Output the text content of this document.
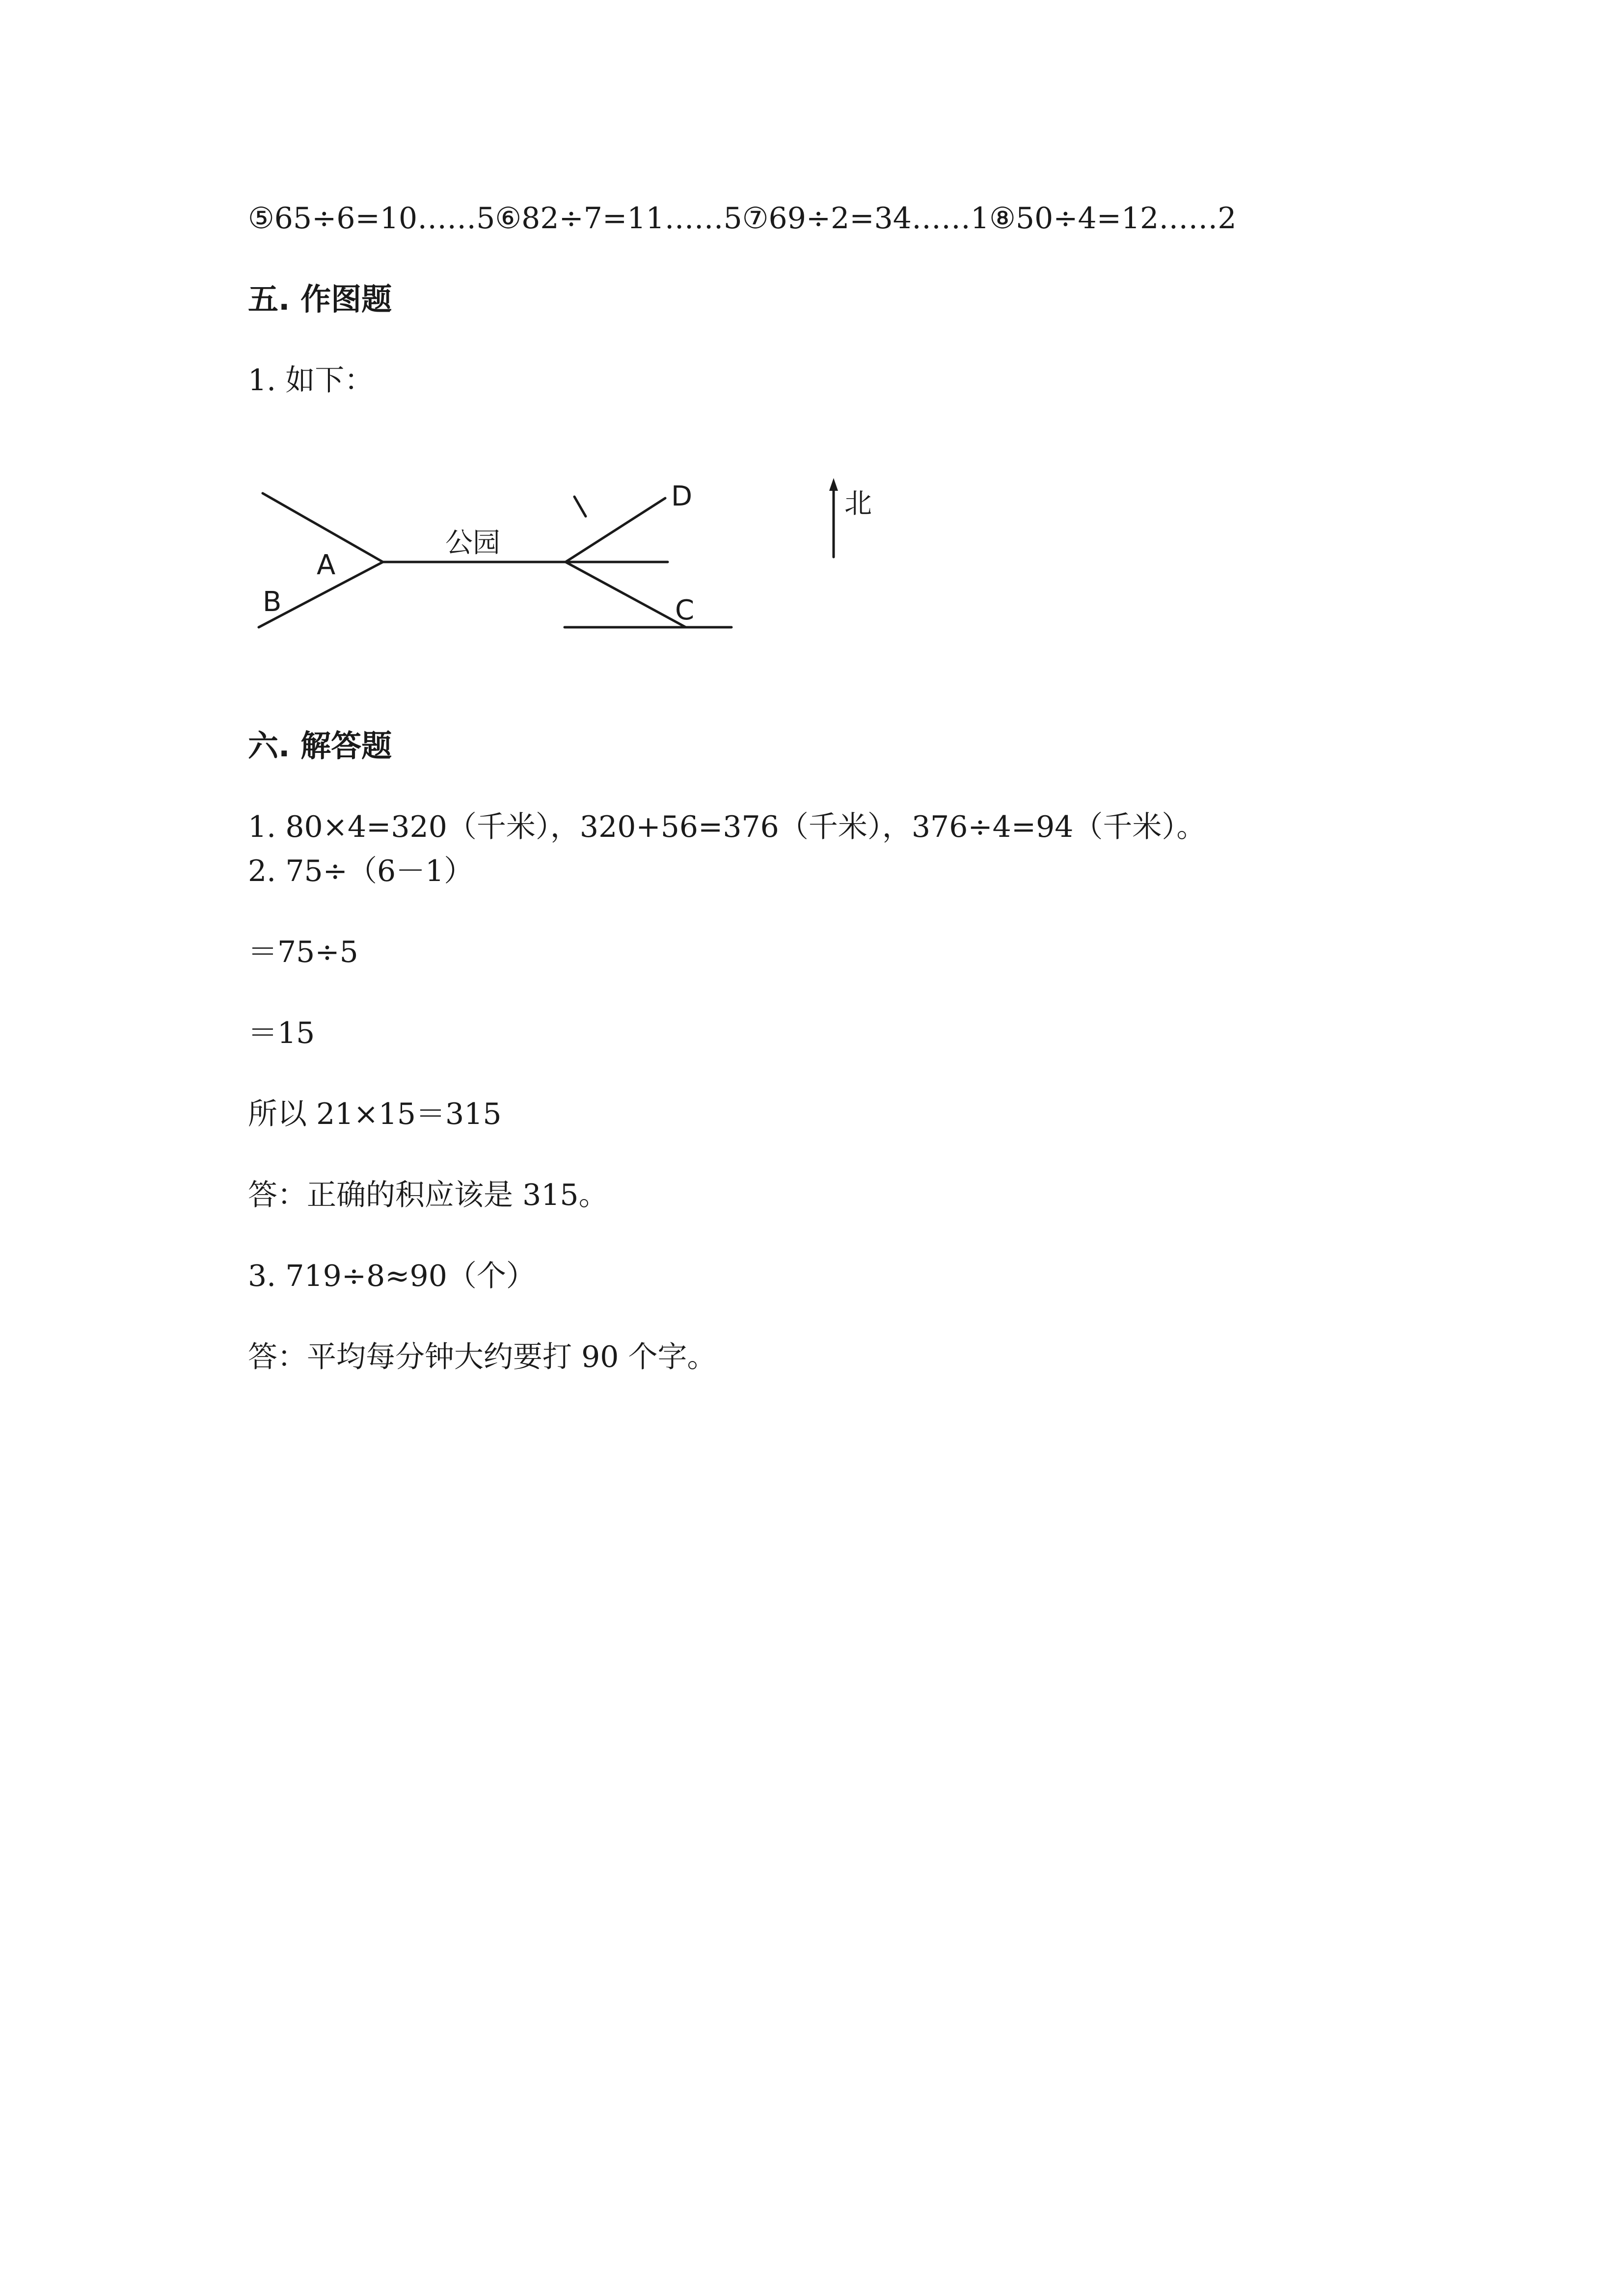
⑤65÷6=10……5⑥82÷7=11……5⑦69÷2=34……1⑧50÷4=12……2
五. 作图题
1. 如下：
A
B
公园
D
C
北
六. 解答题
1. 80×4=320（千米），320+56=376（千米），376÷4=94（千米）。
2. 75÷（6－1）
＝75÷5
＝15
所以 21×15＝315
答：正确的积应该是 315。
3. 719÷8≈90（个）
答：平均每分钟大约要打 90 个字。
